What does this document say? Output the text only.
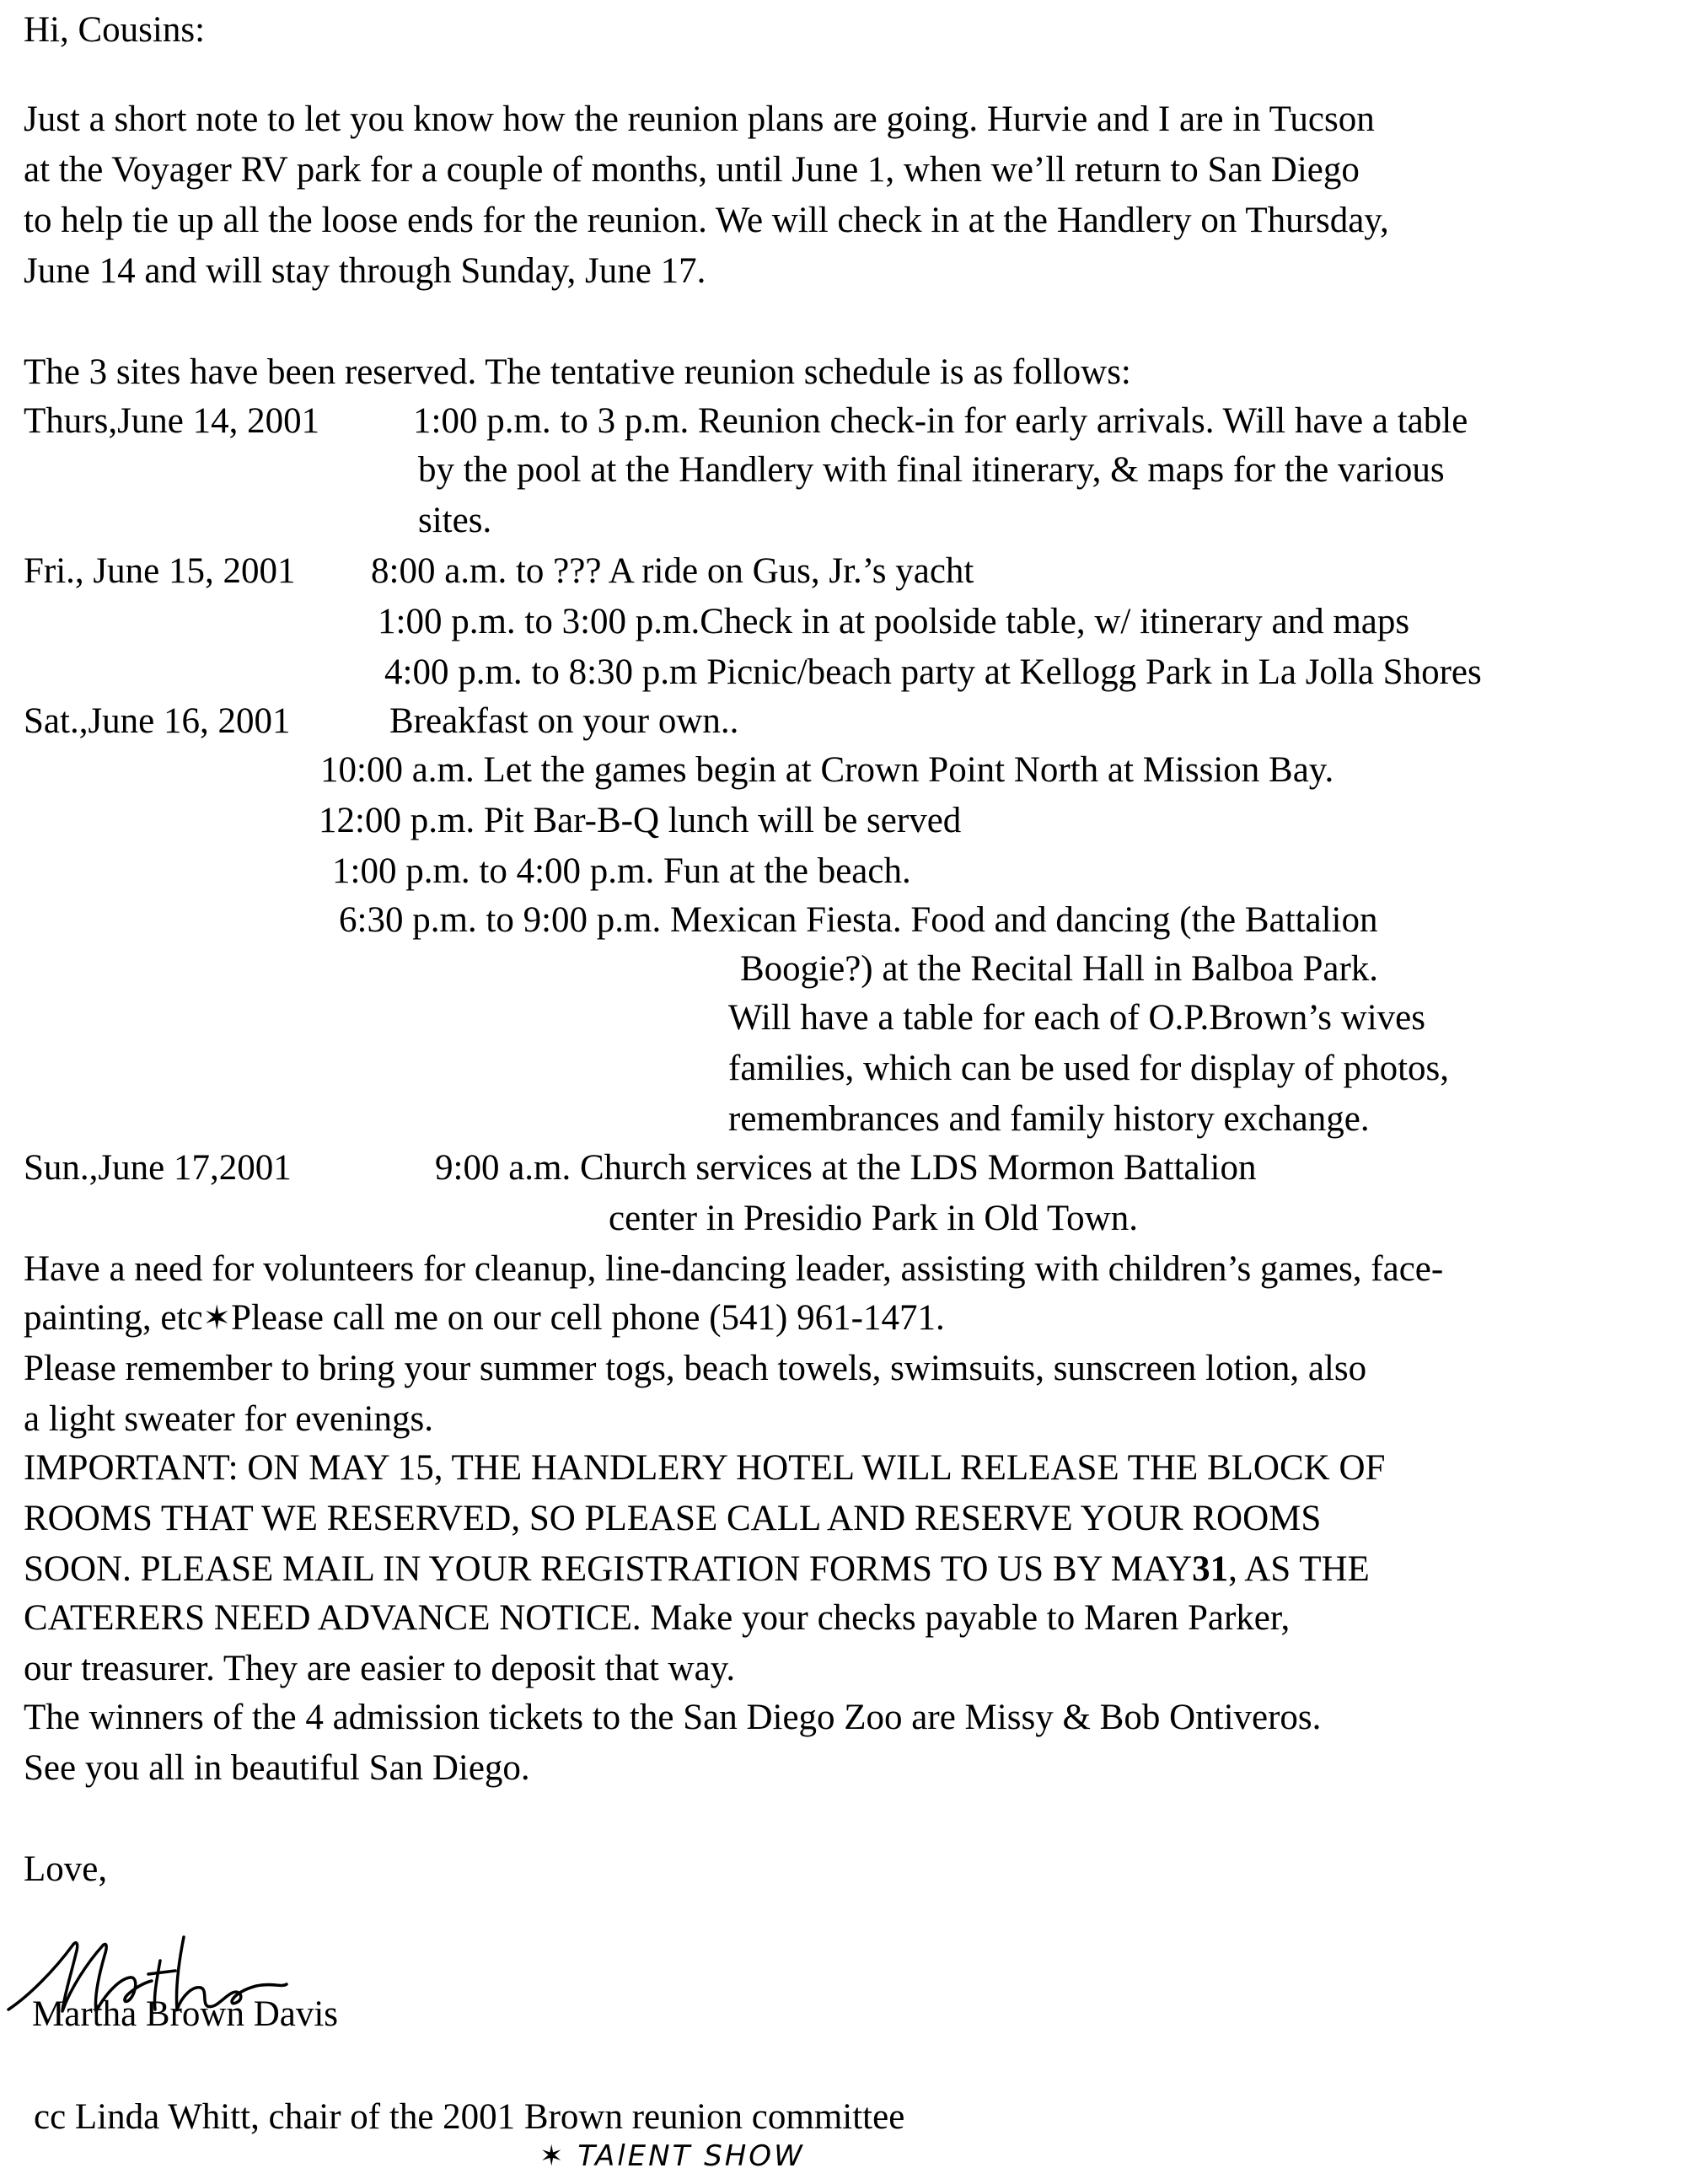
Hi, Cousins:
Just a short note to let you know how the reunion plans are going. Hurvie and I are in Tucson
at the Voyager RV park for a couple of months, until June 1, when we’ll return to San Diego
to help tie up all the loose ends for the reunion. We will check in at the Handlery on Thursday,
June 14 and will stay through Sunday, June 17.
The 3 sites have been reserved. The tentative reunion schedule is as follows:
Thurs,June 14, 2001	1:00 p.m. to 3 p.m. Reunion check-in for early arrivals. Will have a table
by the pool at the Handlery with final itinerary, & maps for the various
sites.
Fri., June 15, 2001 8:00 a.m. to ??? A ride on Gus, Jr.’s yacht
1:00 p.m. to 3:00 p.m.Check in at poolside table, w/ itinerary and maps
4:00 p.m. to 8:30 p.m Picnic/beach party at Kellogg Park in La Jolla Shores
Sat.,June 16, 2001	Breakfast on your own..
10:00 a.m. Let the games begin at Crown Point North at Mission Bay.
12:00 p.m. Pit Bar-B-Q lunch will be served
1:00 p.m. to 4:00 p.m. Fun at the beach.
6:30 p.m. to 9:00 p.m. Mexican Fiesta. Food and dancing (the Battalion
Boogie?) at the Recital Hall in Balboa Park.
Will have a table for each of O.P.Brown’s wives
families, which can be used for display of photos,
remembrances and family history exchange.
Sun.,June 17,2001	9:00 a.m. Church services at the LDS Mormon Battalion
center in Presidio Park in Old Town.
Have a need for volunteers for cleanup, line-dancing leader, assisting with children’s games, face-
painting, etc✶Please call me on our cell phone (541) 961-1471.
Please remember to bring your summer togs, beach towels, swimsuits, sunscreen lotion, also
a light sweater for evenings.
IMPORTANT: ON MAY 15, THE HANDLERY HOTEL WILL RELEASE THE BLOCK OF
ROOMS THAT WE RESERVED, SO PLEASE CALL AND RESERVE YOUR ROOMS
SOON. PLEASE MAIL IN YOUR REGISTRATION FORMS TO US BY MAY31, AS THE
CATERERS NEED ADVANCE NOTICE. Make your checks payable to Maren Parker,
our treasurer. They are easier to deposit that way.
The winners of the 4 admission tickets to the San Diego Zoo are Missy & Bob Ontiveros.
See you all in beautiful San Diego.
Love,
Martha Brown Davis
cc Linda Whitt, chair of the 2001 Brown reunion committee
✶ TAlENT SHOW
